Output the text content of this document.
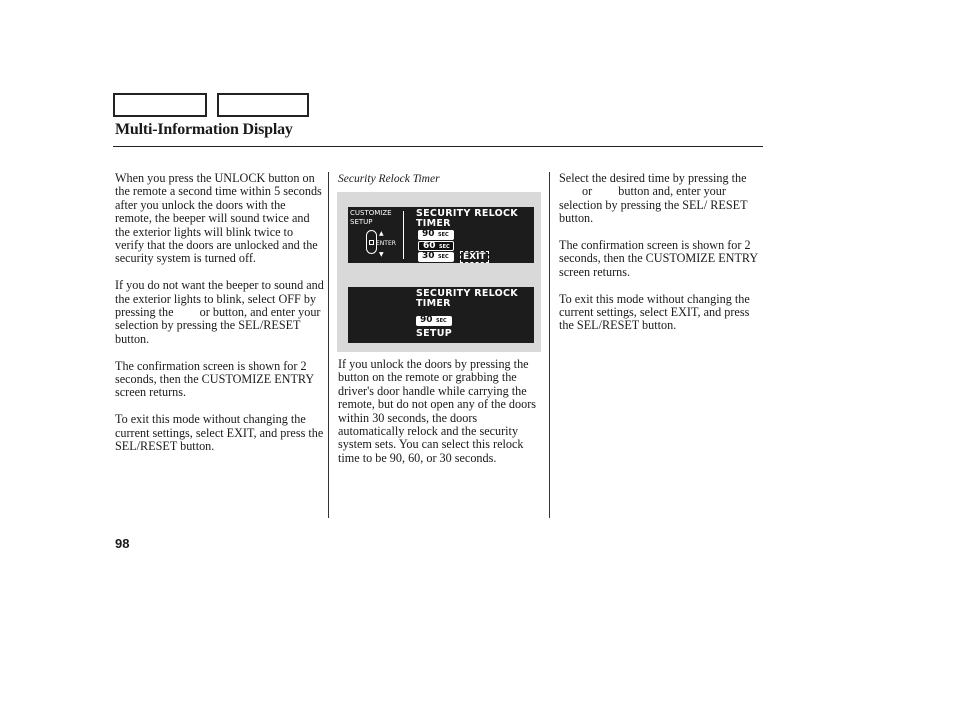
Multi-Information Display

When you press the UNLOCK button on the remote a second time within 5 seconds after you unlock the doors with the remote, the beeper will sound twice and the exterior lights will blink twice to verify that the doors are unlocked and the security system is turned off.

If you do not want the beeper to sound and the exterior lights to blink, select OFF by pressing the or button, and enter your selection by pressing the SEL/RESET button.

The confirmation screen is shown for 2 seconds, then the CUSTOMIZE ENTRY screen returns.

To exit this mode without changing the current settings, select EXIT, and press the SEL/RESET button.

Security Relock Timer
CUSTOMIZE
SETUP
▲
ENTER
▼
SECURITY RELOCK
TIMER
90 SEC
60 SEC
30 SEC	EXIT
SECURITY RELOCK
TIMER
90 SEC
SETUP

If you unlock the doors by pressing the button on the remote or grabbing the driver's door handle while carrying the remote, but do not open any of the doors within 30 seconds, the doors automatically relock and the security system sets. You can select this relock time to be 90, 60, or 30 seconds.

Select the desired time by pressing the  or button and, enter your selection by pressing the SEL/ RESET button.

The confirmation screen is shown for 2 seconds, then the CUSTOMIZE ENTRY screen returns.

To exit this mode without changing the current settings, select EXIT, and press the SEL/RESET button.

98
